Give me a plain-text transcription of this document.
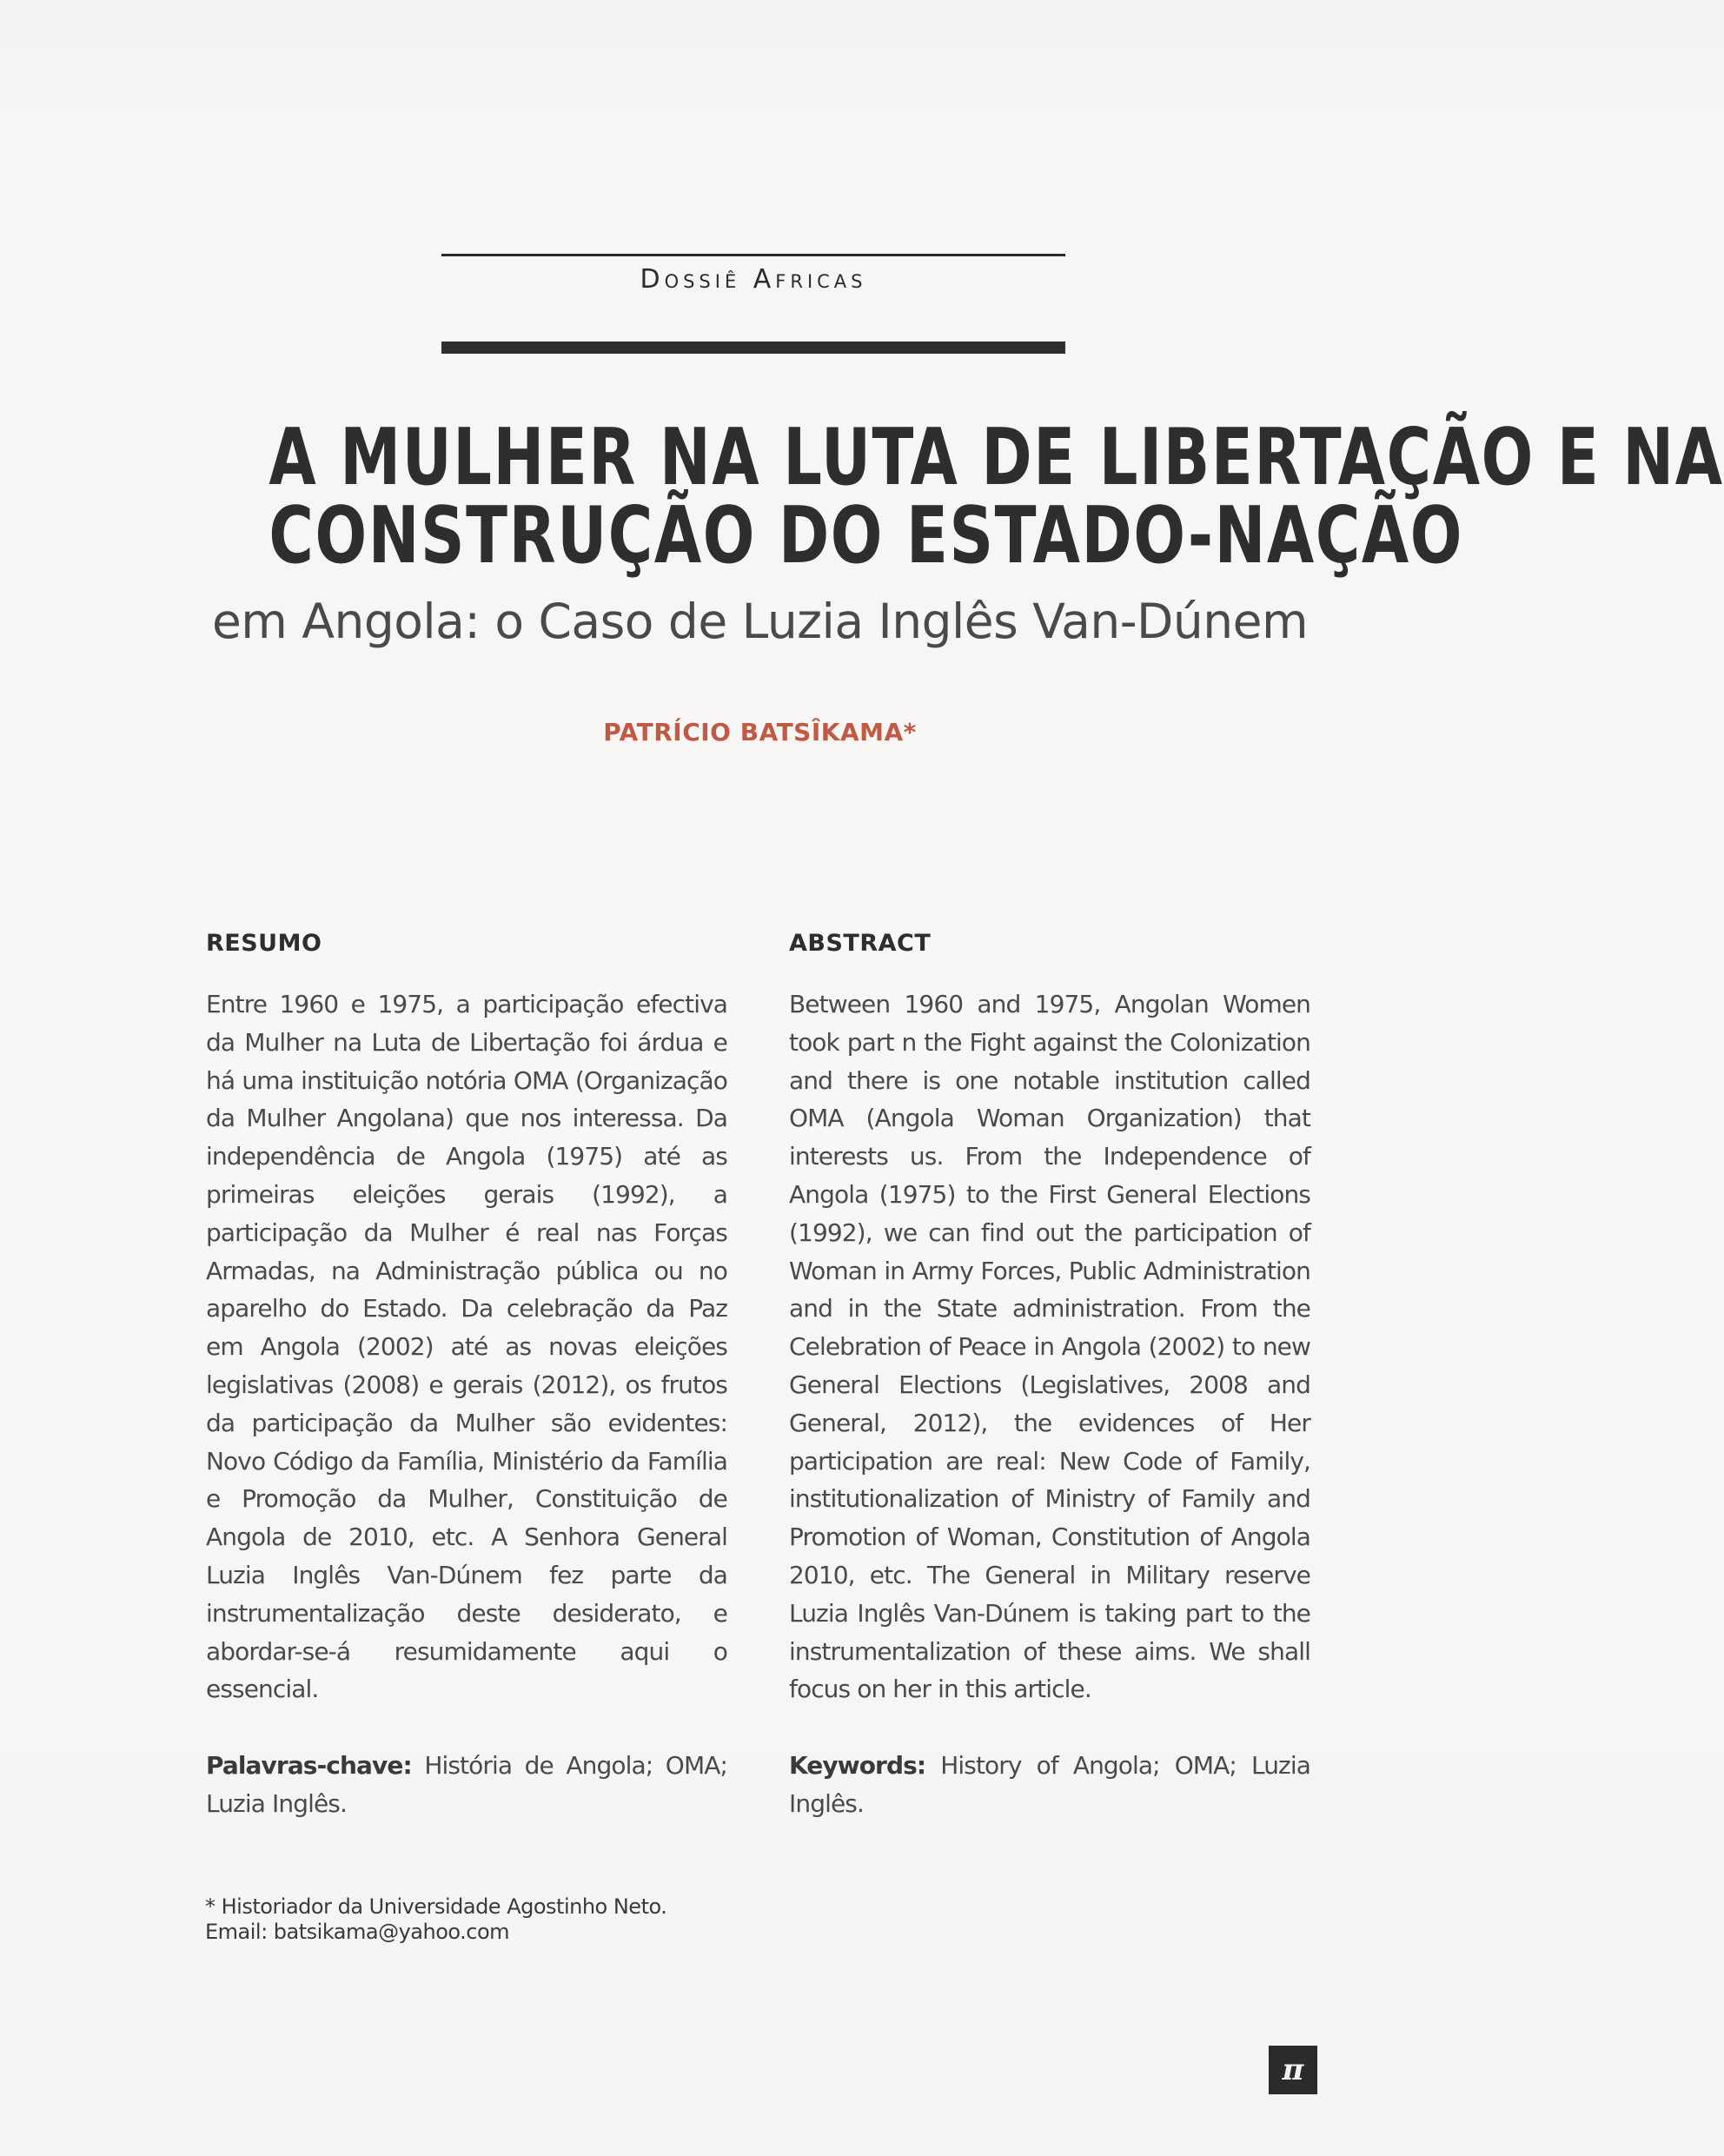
Dossiê Africas
A MULHER NA LUTA DE LIBERTAÇÃO E NA
CONSTRUÇÃO DO ESTADO-NAÇÃO
em Angola: o Caso de Luzia Inglês Van-Dúnem
PATRÍCIO BATSÎKAMA*
RESUMO

Entre 1960 e 1975, a participação efectiva da Mulher na Luta de Libertação foi árdua e há uma instituição notória OMA (Organização da Mulher Angolana) que nos interessa. Da independência de Angola (1975) até as primeiras eleições gerais (1992), a participação da Mulher é real nas Forças Armadas, na Administração pública ou no aparelho do Estado. Da celebração da Paz em Angola (2002) até as novas eleições legislativas (2008) e gerais (2012), os frutos da participação da Mulher são evidentes: Novo Código da Família, Ministério da Família e Promoção da Mulher, Constituição de Angola de 2010, etc. A Senhora General Luzia Inglês Van-Dúnem fez parte da instrumentalização deste desiderato, e abordar-se-á resumidamente aqui o essencial.

Palavras-chave: História de Angola; OMA; Luzia Inglês.

ABSTRACT

Between 1960 and 1975, Angolan Women took part n the Fight against the Colonization and there is one notable institution called OMA (Angola Woman Organization) that interests us. From the Independence of Angola (1975) to the First General Elections (1992), we can find out the participation of Woman in Army Forces, Public Administration and in the State administration. From the Celebration of Peace in Angola (2002) to new General Elections (Legislatives, 2008 and General, 2012), the evidences of Her participation are real: New Code of Family, institutionalization of Ministry of Family and Promotion of Woman, Constitution of Angola 2010, etc. The General in Military reserve Luzia Inglês Van-Dúnem is taking part to the instrumentalization of these aims. We shall focus on her in this article.

Keywords: History of Angola; OMA; Luzia Inglês.

* Historiador da Universidade Agostinho Neto.
Email: batsikama@yahoo.com
π
